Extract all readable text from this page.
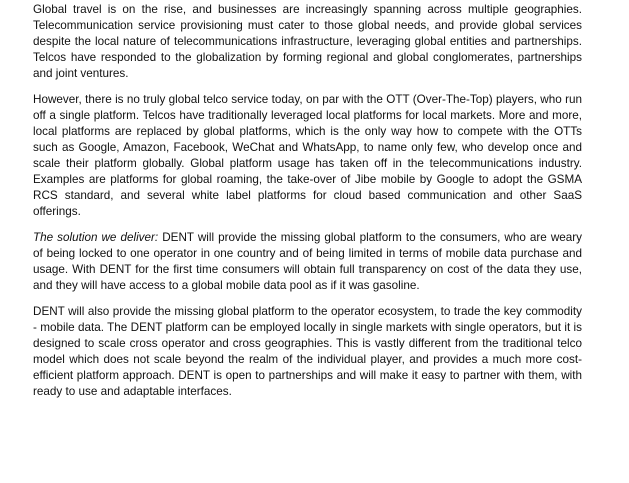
Global travel is on the rise, and businesses are increasingly spanning across multiple geographies. Telecommunication service provisioning must cater to those global needs, and provide global services despite the local nature of telecommunications infrastructure, leveraging global entities and partnerships. Telcos have responded to the globalization by forming regional and global conglomerates, partnerships and joint ventures.

However, there is no truly global telco service today, on par with the OTT (Over-The-Top) players, who run off a single platform. Telcos have traditionally leveraged local platforms for local markets. More and more, local platforms are replaced by global platforms, which is the only way how to compete with the OTTs such as Google, Amazon, Facebook, WeChat and WhatsApp, to name only few, who develop once and scale their platform globally. Global platform usage has taken off in the telecommunications industry. Examples are platforms for global roaming, the take-over of Jibe mobile by Google to adopt the GSMA RCS standard, and several white label platforms for cloud based communication and other SaaS offerings.

The solution we deliver: DENT will provide the missing global platform to the consumers, who are weary of being locked to one operator in one country and of being limited in terms of mobile data purchase and usage. With DENT for the first time consumers will obtain full transparency on cost of the data they use, and they will have access to a global mobile data pool as if it was gasoline.

DENT will also provide the missing global platform to the operator ecosystem, to trade the key commodity - mobile data. The DENT platform can be employed locally in single markets with single operators, but it is designed to scale cross operator and cross geographies. This is vastly different from the traditional telco model which does not scale beyond the realm of the individual player, and provides a much more cost-efficient platform approach. DENT is open to partnerships and will make it easy to partner with them, with ready to use and adaptable interfaces.
